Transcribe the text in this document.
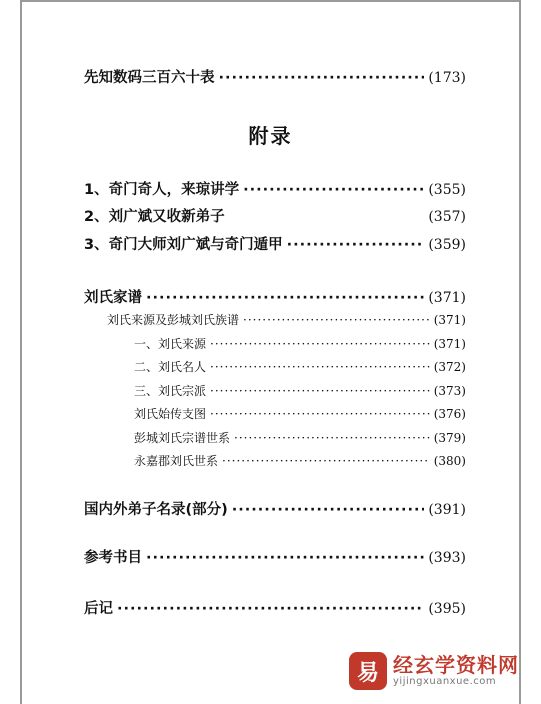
先知数码三百六十表 ·····	(173)
附录
1、奇门奇人，来琼讲学 ·····	(355)
2、刘广斌又收新弟子	(357)
3、奇门大师刘广斌与奇门遁甲 ·····	(359)
刘氏家谱 ·····	(371)
刘氏来源及彭城刘氏族谱 ·····	(371)
一、刘氏来源 ·····	(371)
二、刘氏名人 ·····	(372)
三、刘氏宗派 ·····	(373)
刘氏始传支图 ·····	(376)
彭城刘氏宗谱世系 ·····	(379)
永嘉郡刘氏世系 ·····	(380)
国内外弟子名录(部分) ·····	(391)
参考书目 ·····	(393)
后记 ·····	(395)
易 经玄学资料网
yijingxuanxue.com
